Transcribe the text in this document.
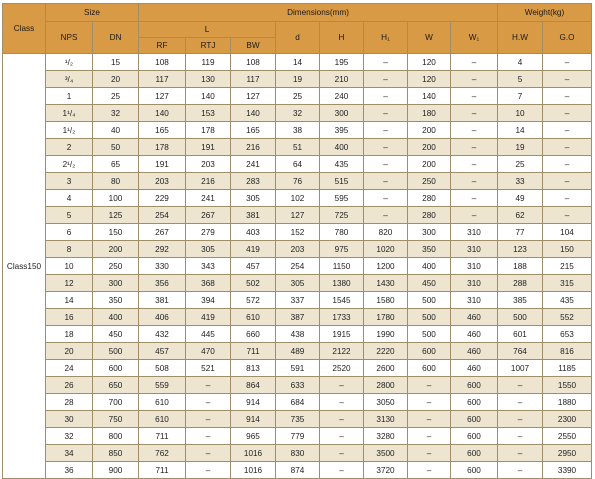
Class	Size		Dimensions(mm)								Weight(kg)	
	NPS	DN	L			d	H	H₁	W	W₁	H.W	G.O
			RF	RTJ	BW							
Class150	¹/₂	15	108	119	108	14	195	–	120	–	4	–
	³/₄	20	117	130	117	19	210	–	120	–	5	–
	1	25	127	140	127	25	240	–	140	–	7	–
	1¹/₄	32	140	153	140	32	300	–	180	–	10	–
	1¹/₂	40	165	178	165	38	395	–	200	–	14	–
	2	50	178	191	216	51	400	–	200	–	19	–
	2¹/₂	65	191	203	241	64	435	–	200	–	25	–
	3	80	203	216	283	76	515	–	250	–	33	–
	4	100	229	241	305	102	595	–	280	–	49	–
	5	125	254	267	381	127	725	–	280	–	62	–
	6	150	267	279	403	152	780	820	300	310	77	104
	8	200	292	305	419	203	975	1020	350	310	123	150
	10	250	330	343	457	254	1150	1200	400	310	188	215
	12	300	356	368	502	305	1380	1430	450	310	288	315
	14	350	381	394	572	337	1545	1580	500	310	385	435
	16	400	406	419	610	387	1733	1780	500	460	500	552
	18	450	432	445	660	438	1915	1990	500	460	601	653
	20	500	457	470	711	489	2122	2220	600	460	764	816
	24	600	508	521	813	591	2520	2600	600	460	1007	1185
	26	650	559	–	864	633	–	2800	–	600	–	1550
	28	700	610	–	914	684	–	3050	–	600	–	1880
	30	750	610	–	914	735	–	3130	–	600	–	2300
	32	800	711	–	965	779	–	3280	–	600	–	2550
	34	850	762	–	1016	830	–	3500	–	600	–	2950
	36	900	711	–	1016	874	–	3720	–	600	–	3390
